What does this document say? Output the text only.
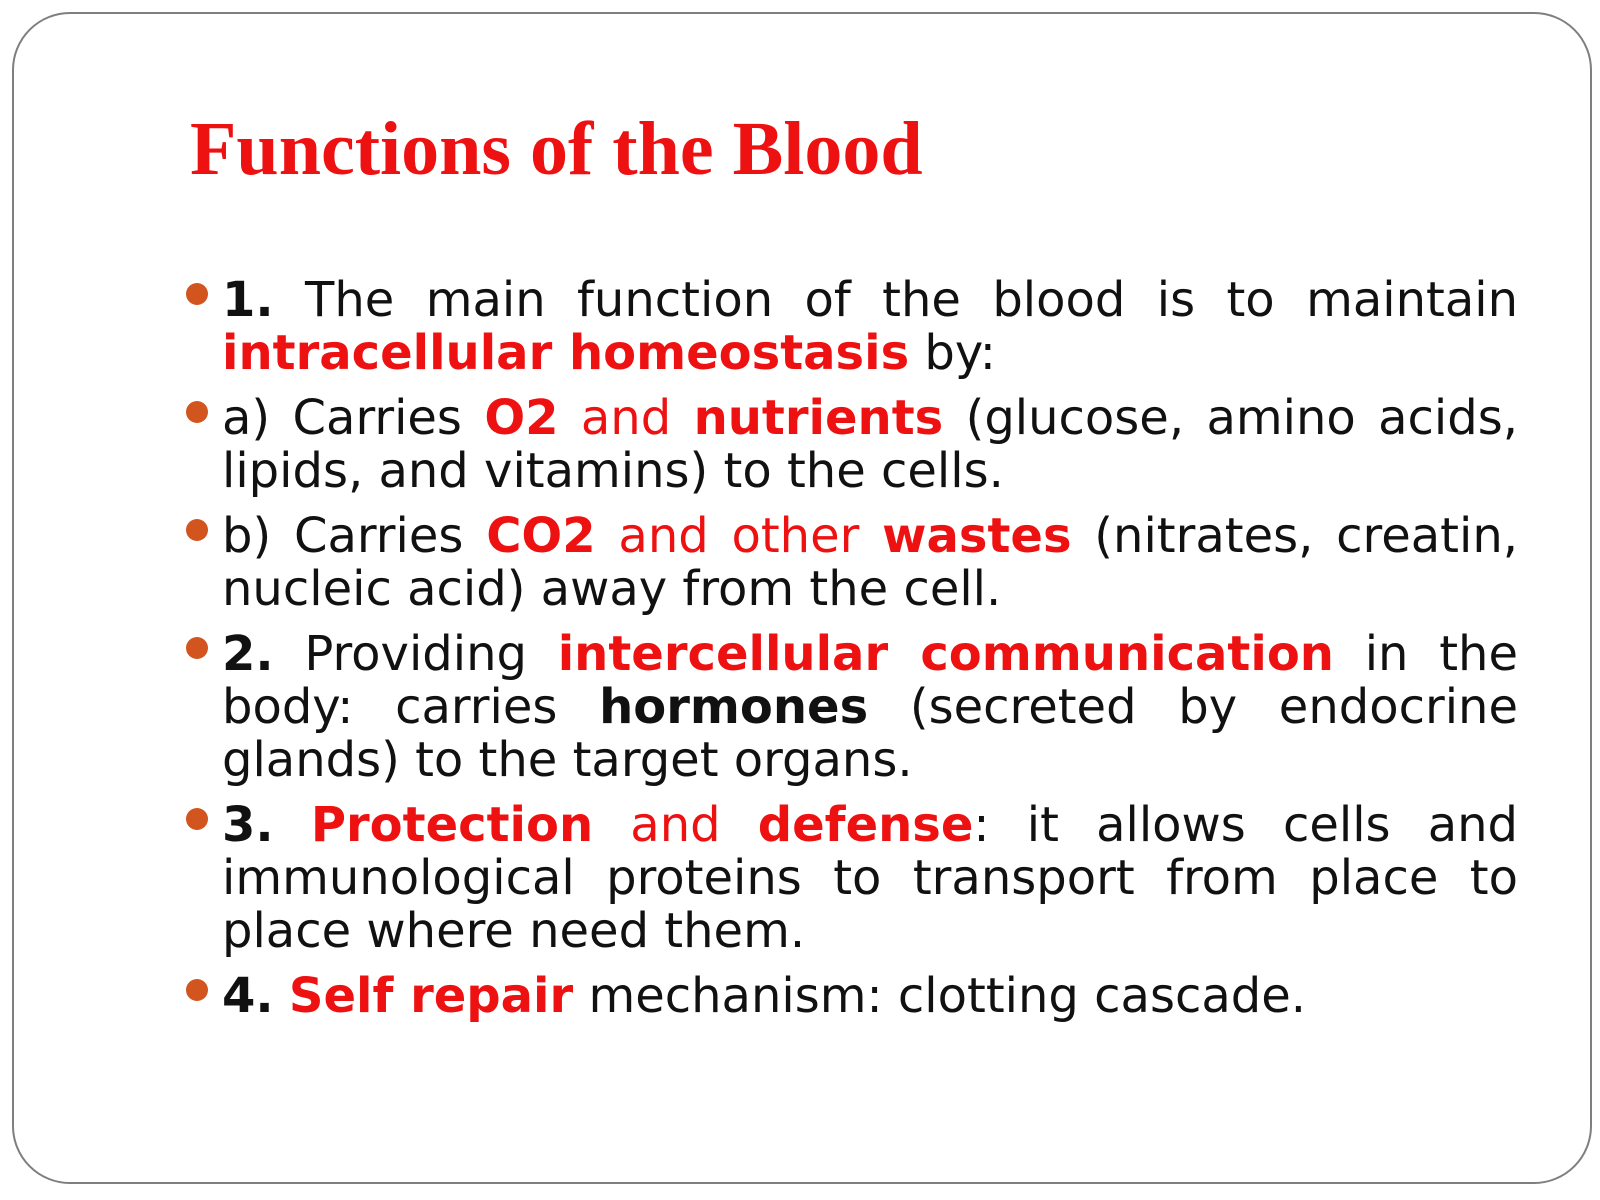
Functions of the Blood
1. The main function of the blood is to maintain intracellular homeostasis by:
a) Carries O2 and nutrients (glucose, amino acids, lipids, and vitamins) to the cells.
b) Carries CO2 and other wastes (nitrates, creatin, nucleic acid) away from the cell.
2. Providing intercellular communication in the body: carries hormones (secreted by endocrine glands) to the target organs.
3. Protection and defense: it allows cells and immunological proteins to transport from place to place where need them.
4. Self repair mechanism: clotting cascade.
